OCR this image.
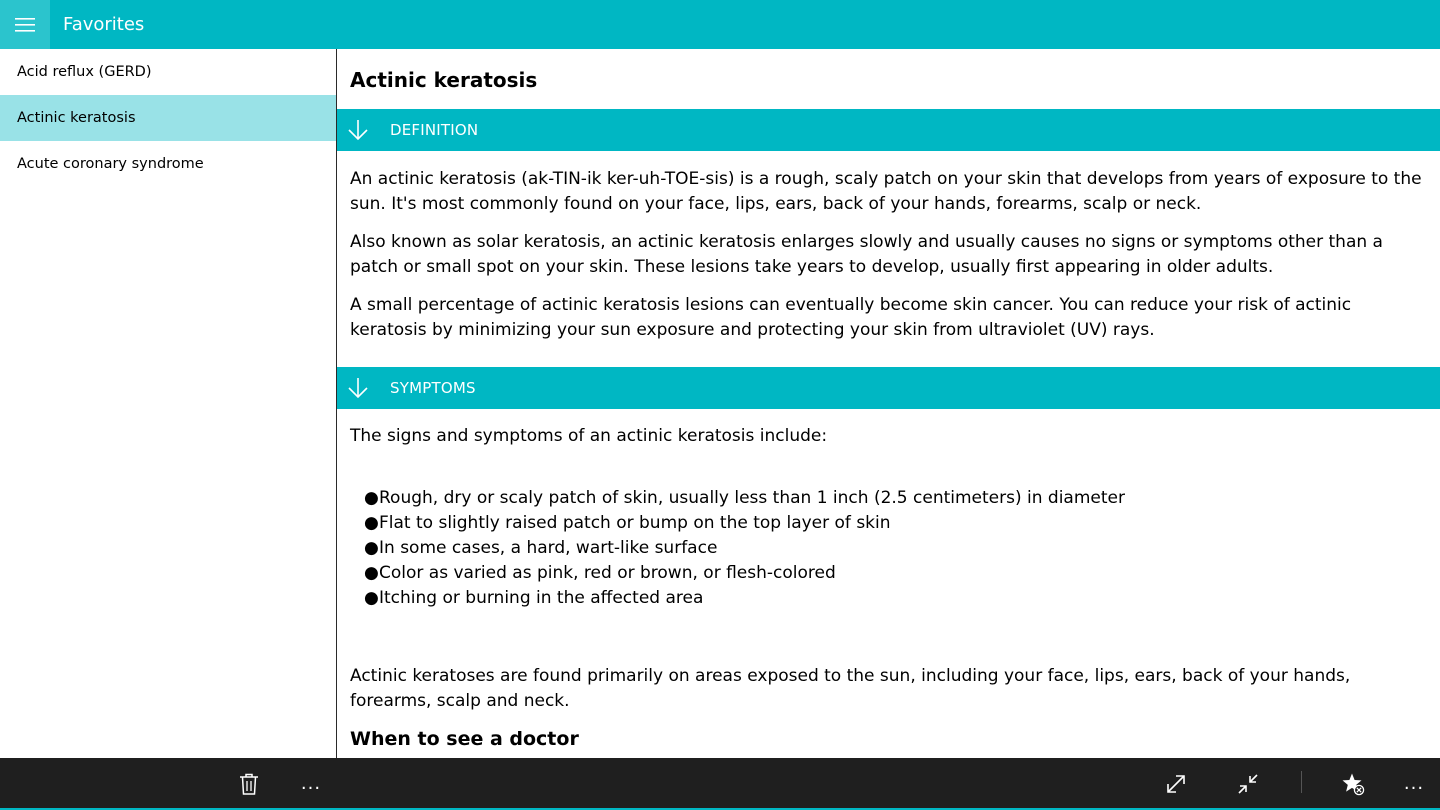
Favorites
Acid reflux (GERD)
Actinic keratosis
Acute coronary syndrome
Actinic keratosis
DEFINITION

An actinic keratosis (ak-TIN-ik ker-uh-TOE-sis) is a rough, scaly patch on your skin that develops from years of exposure to the sun. It's most commonly found on your face, lips, ears, back of your hands, forearms, scalp or neck.

Also known as solar keratosis, an actinic keratosis enlarges slowly and usually causes no signs or symptoms other than a patch or small spot on your skin. These lesions take years to develop, usually first appearing in older adults.

A small percentage of actinic keratosis lesions can eventually become skin cancer. You can reduce your risk of actinic keratosis by minimizing your sun exposure and protecting your skin from ultraviolet (UV) rays.

SYMPTOMS

The signs and symptoms of an actinic keratosis include:

●Rough, dry or scaly patch of skin, usually less than 1 inch (2.5 centimeters) in diameter
●Flat to slightly raised patch or bump on the top layer of skin
●In some cases, a hard, wart-like surface
●Color as varied as pink, red or brown, or flesh-colored
●Itching or burning in the affected area

Actinic keratoses are found primarily on areas exposed to the sun, including your face, lips, ears, back of your hands, forearms, scalp and neck.

When to see a doctor
...	...
